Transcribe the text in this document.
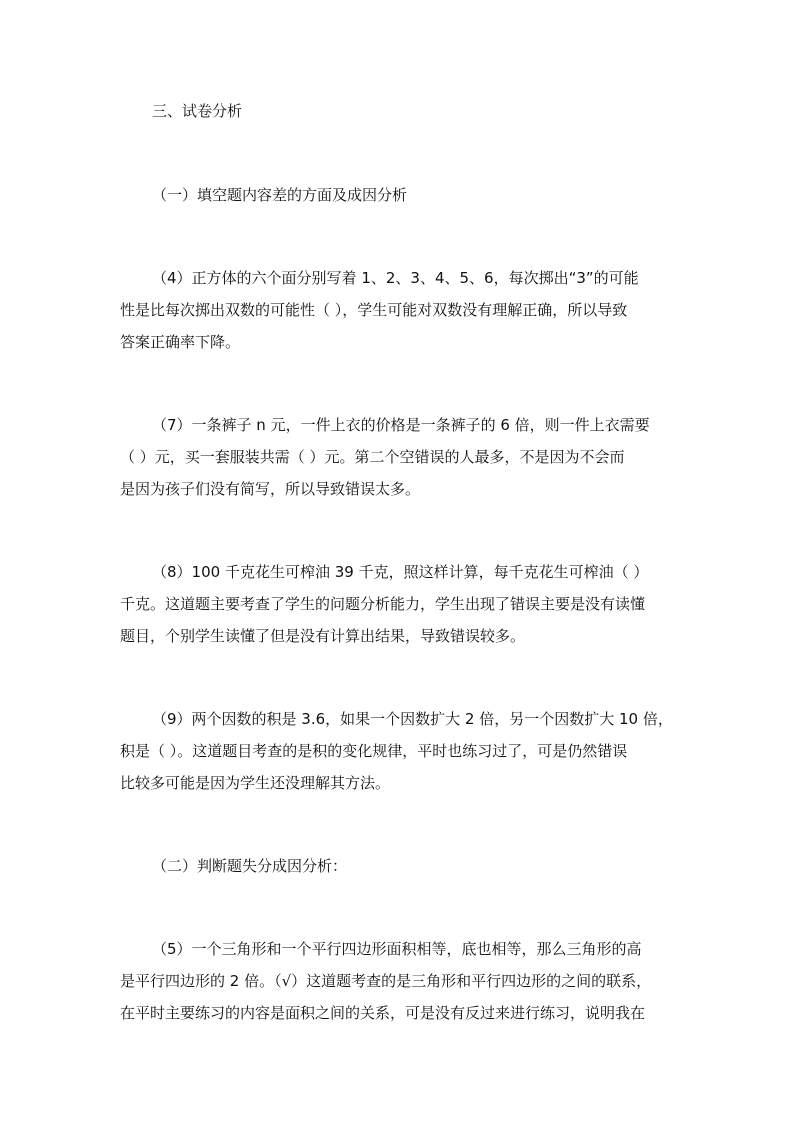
三、试卷分析
（一）填空题内容差的方面及成因分析
（4）正方体的六个面分别写着 1、2、3、4、5、6，每次掷出“3”的可能
性是比每次掷出双数的可能性（ ），学生可能对双数没有理解正确，所以导致
答案正确率下降。
（7）一条裤子 n 元，一件上衣的价格是一条裤子的 6 倍，则一件上衣需要
（ ）元，买一套服装共需（ ）元。第二个空错误的人最多，不是因为不会而
是因为孩子们没有简写，所以导致错误太多。
（8）100 千克花生可榨油 39 千克，照这样计算，每千克花生可榨油（ ）
千克。这道题主要考查了学生的问题分析能力，学生出现了错误主要是没有读懂
题目，个别学生读懂了但是没有计算出结果，导致错误较多。
（9）两个因数的积是 3.6，如果一个因数扩大 2 倍，另一个因数扩大 10 倍，
积是（ ）。这道题目考查的是积的变化规律，平时也练习过了，可是仍然错误
比较多可能是因为学生还没理解其方法。
（二）判断题失分成因分析：
（5）一个三角形和一个平行四边形面积相等，底也相等，那么三角形的高
是平行四边形的 2 倍。（√）这道题考查的是三角形和平行四边形的之间的联系，
在平时主要练习的内容是面积之间的关系，可是没有反过来进行练习，说明我在
